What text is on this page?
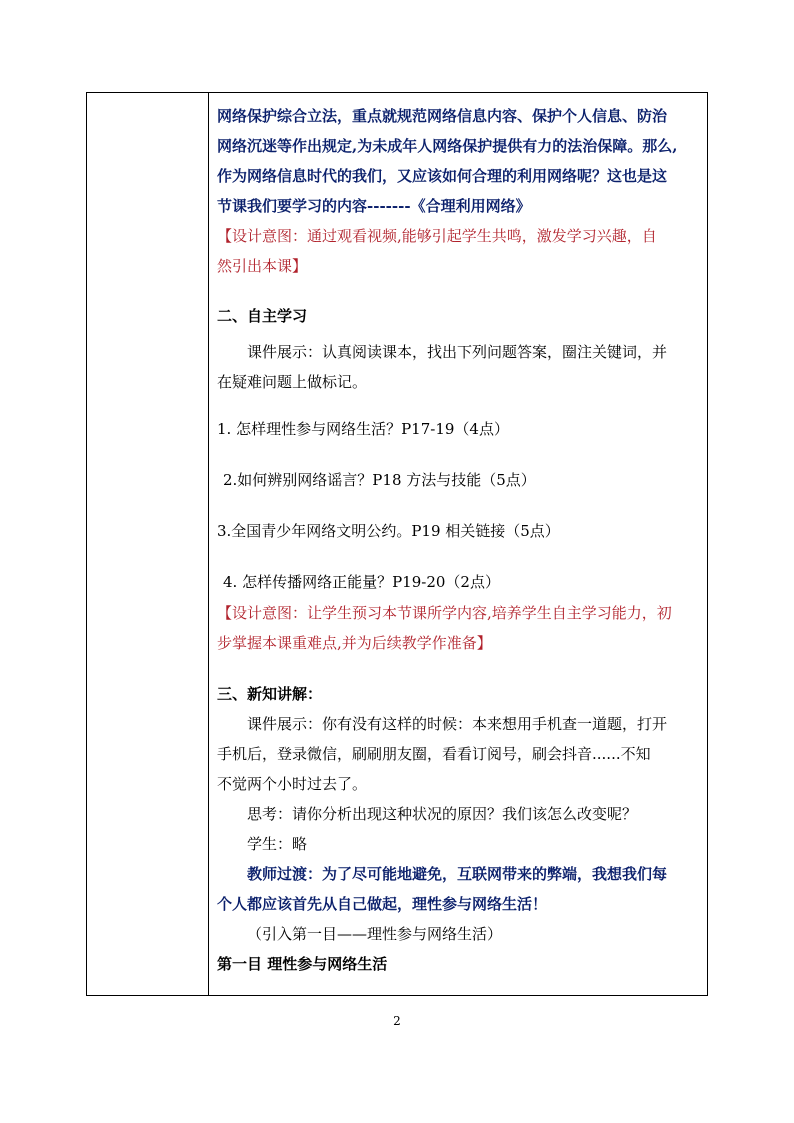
网络保护综合立法，重点就规范网络信息内容、保护个人信息、防治
网络沉迷等作出规定,为未成年人网络保护提供有力的法治保障。那么,
作为网络信息时代的我们，又应该如何合理的利用网络呢？这也是这
节课我们要学习的内容-------《合理利用网络》
【设计意图：通过观看视频,能够引起学生共鸣，激发学习兴趣，自
然引出本课】
二、自主学习
课件展示：认真阅读课本，找出下列问题答案，圈注关键词，并
在疑难问题上做标记。
1. 怎样理性参与网络生活？P17-19（4点）
2.如何辨别网络谣言？P18 方法与技能（5点）
3.全国青少年网络文明公约。P19 相关链接（5点）
4. 怎样传播网络正能量？P19-20（2点）
【设计意图：让学生预习本节课所学内容,培养学生自主学习能力，初
步掌握本课重难点,并为后续教学作准备】
三、新知讲解：
课件展示：你有没有这样的时候：本来想用手机查一道题，打开
手机后，登录微信，刷刷朋友圈，看看订阅号，刷会抖音......不知
不觉两个小时过去了。
思考：请你分析出现这种状况的原因？我们该怎么改变呢？
学生：略
教师过渡：为了尽可能地避免，互联网带来的弊端，我想我们每
个人都应该首先从自己做起，理性参与网络生活！
（引入第一目——理性参与网络生活）
第一目 理性参与网络生活
2
